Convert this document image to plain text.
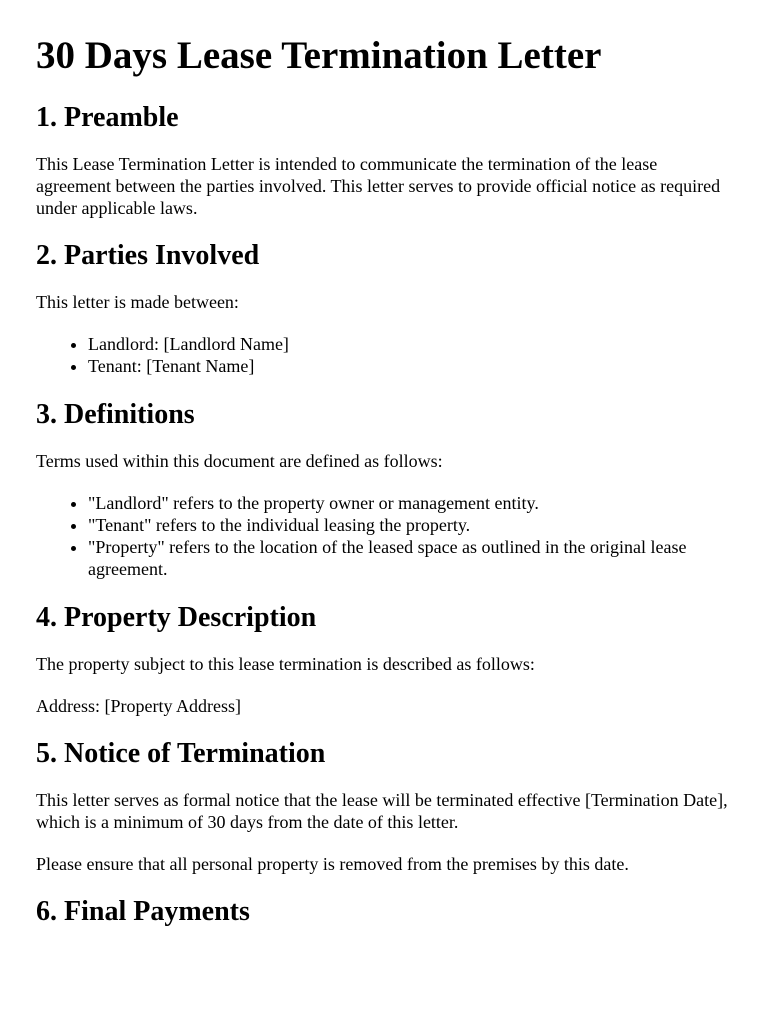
30 Days Lease Termination Letter
1. Preamble

This Lease Termination Letter is intended to communicate the termination of the lease agreement between the parties involved. This letter serves to provide official notice as required under applicable laws.

2. Parties Involved

This letter is made between:

• Landlord: [Landlord Name]
• Tenant: [Tenant Name]
3. Definitions

Terms used within this document are defined as follows:

• "Landlord" refers to the property owner or management entity.
• "Tenant" refers to the individual leasing the property.
• "Property" refers to the location of the leased space as outlined in the original lease agreement.
4. Property Description

The property subject to this lease termination is described as follows:

Address: [Property Address]

5. Notice of Termination

This letter serves as formal notice that the lease will be terminated effective [Termination Date], which is a minimum of 30 days from the date of this letter.

Please ensure that all personal property is removed from the premises by this date.

6. Final Payments
